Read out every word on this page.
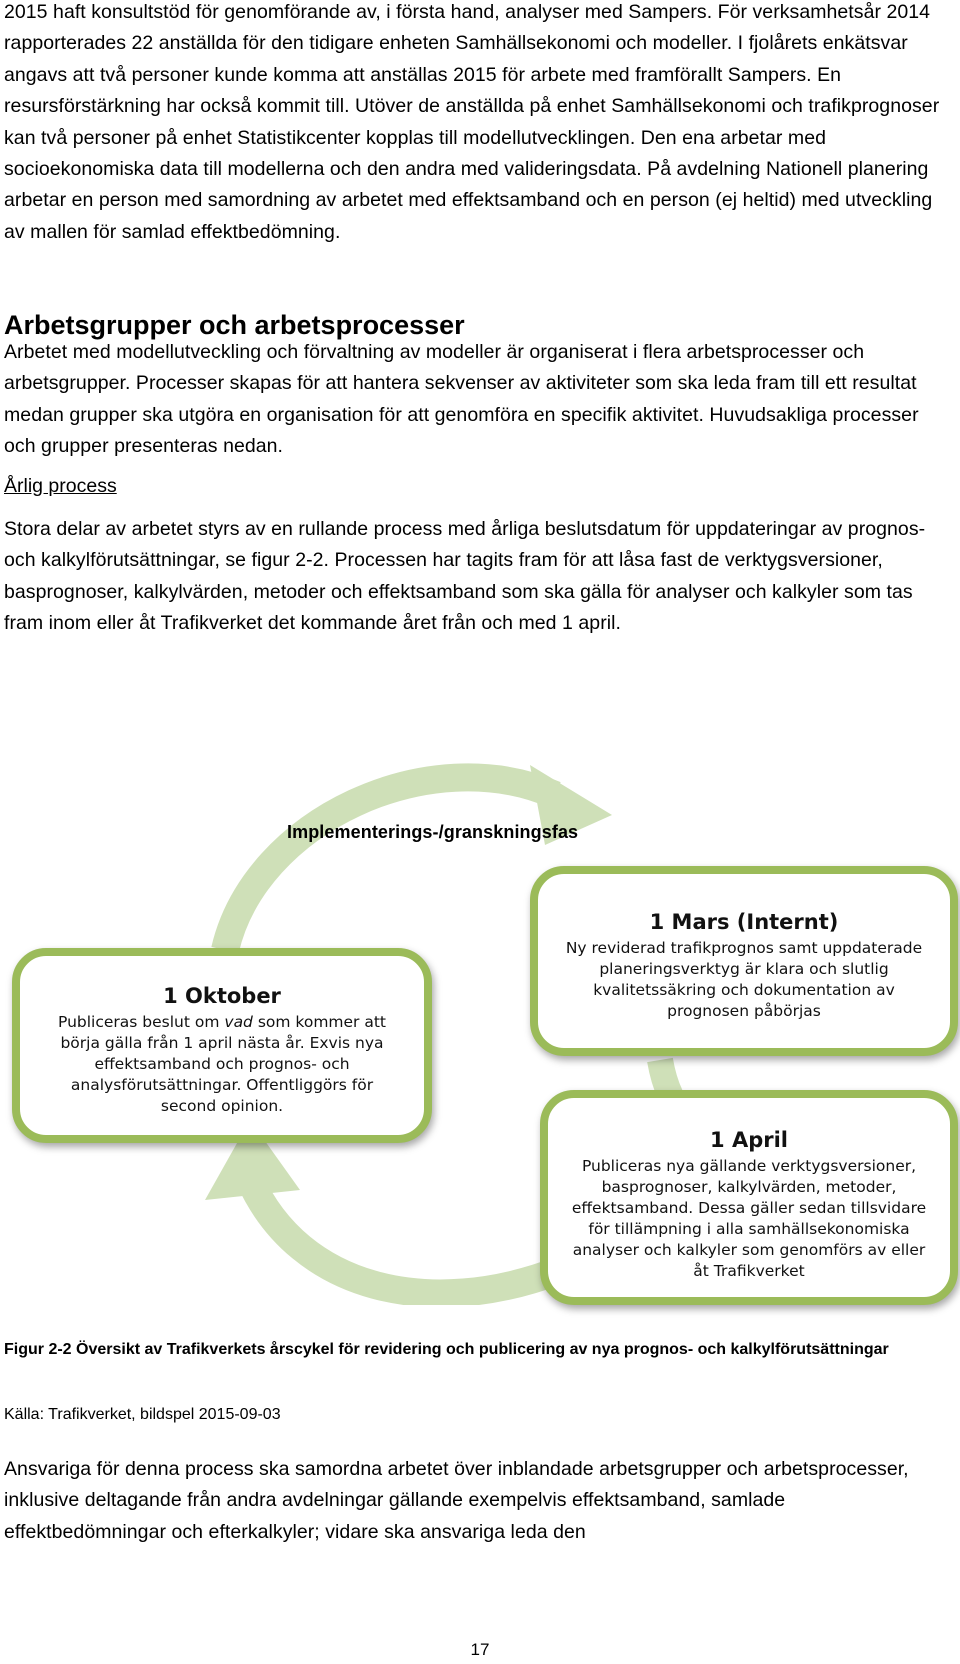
2015 haft konsultstöd för genomförande av, i första hand, analyser med Sampers. För verksamhetsår 2014 rapporterades 22 anställda för den tidigare enheten Samhällsekonomi och modeller. I fjolårets enkätsvar angavs att två personer kunde komma att anställas 2015 för arbete med framförallt Sampers. En resursförstärkning har också kommit till. Utöver de anställda på enhet Samhällsekonomi och trafikprognoser kan två personer på enhet Statistikcenter kopplas till modellutvecklingen. Den ena arbetar med socioekonomiska data till modellerna och den andra med valideringsdata. På avdelning Nationell planering arbetar en person med samordning av arbetet med effektsamband och en person (ej heltid) med utveckling av mallen för samlad effektbedömning.

Arbetsgrupper och arbetsprocesser

Arbetet med modellutveckling och förvaltning av modeller är organiserat i flera arbetsprocesser och arbetsgrupper. Processer skapas för att hantera sekvenser av aktiviteter som ska leda fram till ett resultat medan grupper ska utgöra en organisation för att genomföra en specifik aktivitet. Huvudsakliga processer och grupper presenteras nedan.

Årlig process

Stora delar av arbetet styrs av en rullande process med årliga beslutsdatum för uppdateringar av prognos- och kalkylförutsättningar, se figur 2-2. Processen har tagits fram för att låsa fast de verktygsversioner, basprognoser, kalkylvärden, metoder och effektsamband som ska gälla för analyser och kalkyler som tas fram inom eller åt Trafikverket det kommande året från och med 1 april.

Implementerings-/granskningsfas
1 Oktober
Publiceras beslut om vad som kommer att börja gälla från 1 april nästa år. Exvis nya effektsamband och prognos- och analysförutsättningar. Offentliggörs för second opinion.
1 Mars (Internt)
Ny reviderad trafikprognos samt uppdaterade planeringsverktyg är klara och slutlig kvalitetssäkring och dokumentation av prognosen påbörjas
1 April
Publiceras nya gällande verktygsversioner, basprognoser, kalkylvärden, metoder, effektsamband. Dessa gäller sedan tillsvidare för tillämpning i alla samhällsekonomiska analyser och kalkyler som genomförs av eller åt Trafikverket

Figur 2-2 Översikt av Trafikverkets årscykel för revidering och publicering av nya prognos- och kalkylförutsättningar

Källa: Trafikverket, bildspel 2015-09-03

Ansvariga för denna process ska samordna arbetet över inblandade arbetsgrupper och arbetsprocesser, inklusive deltagande från andra avdelningar gällande exempelvis effektsamband, samlade effektbedömningar och efterkalkyler; vidare ska ansvariga leda den

17
